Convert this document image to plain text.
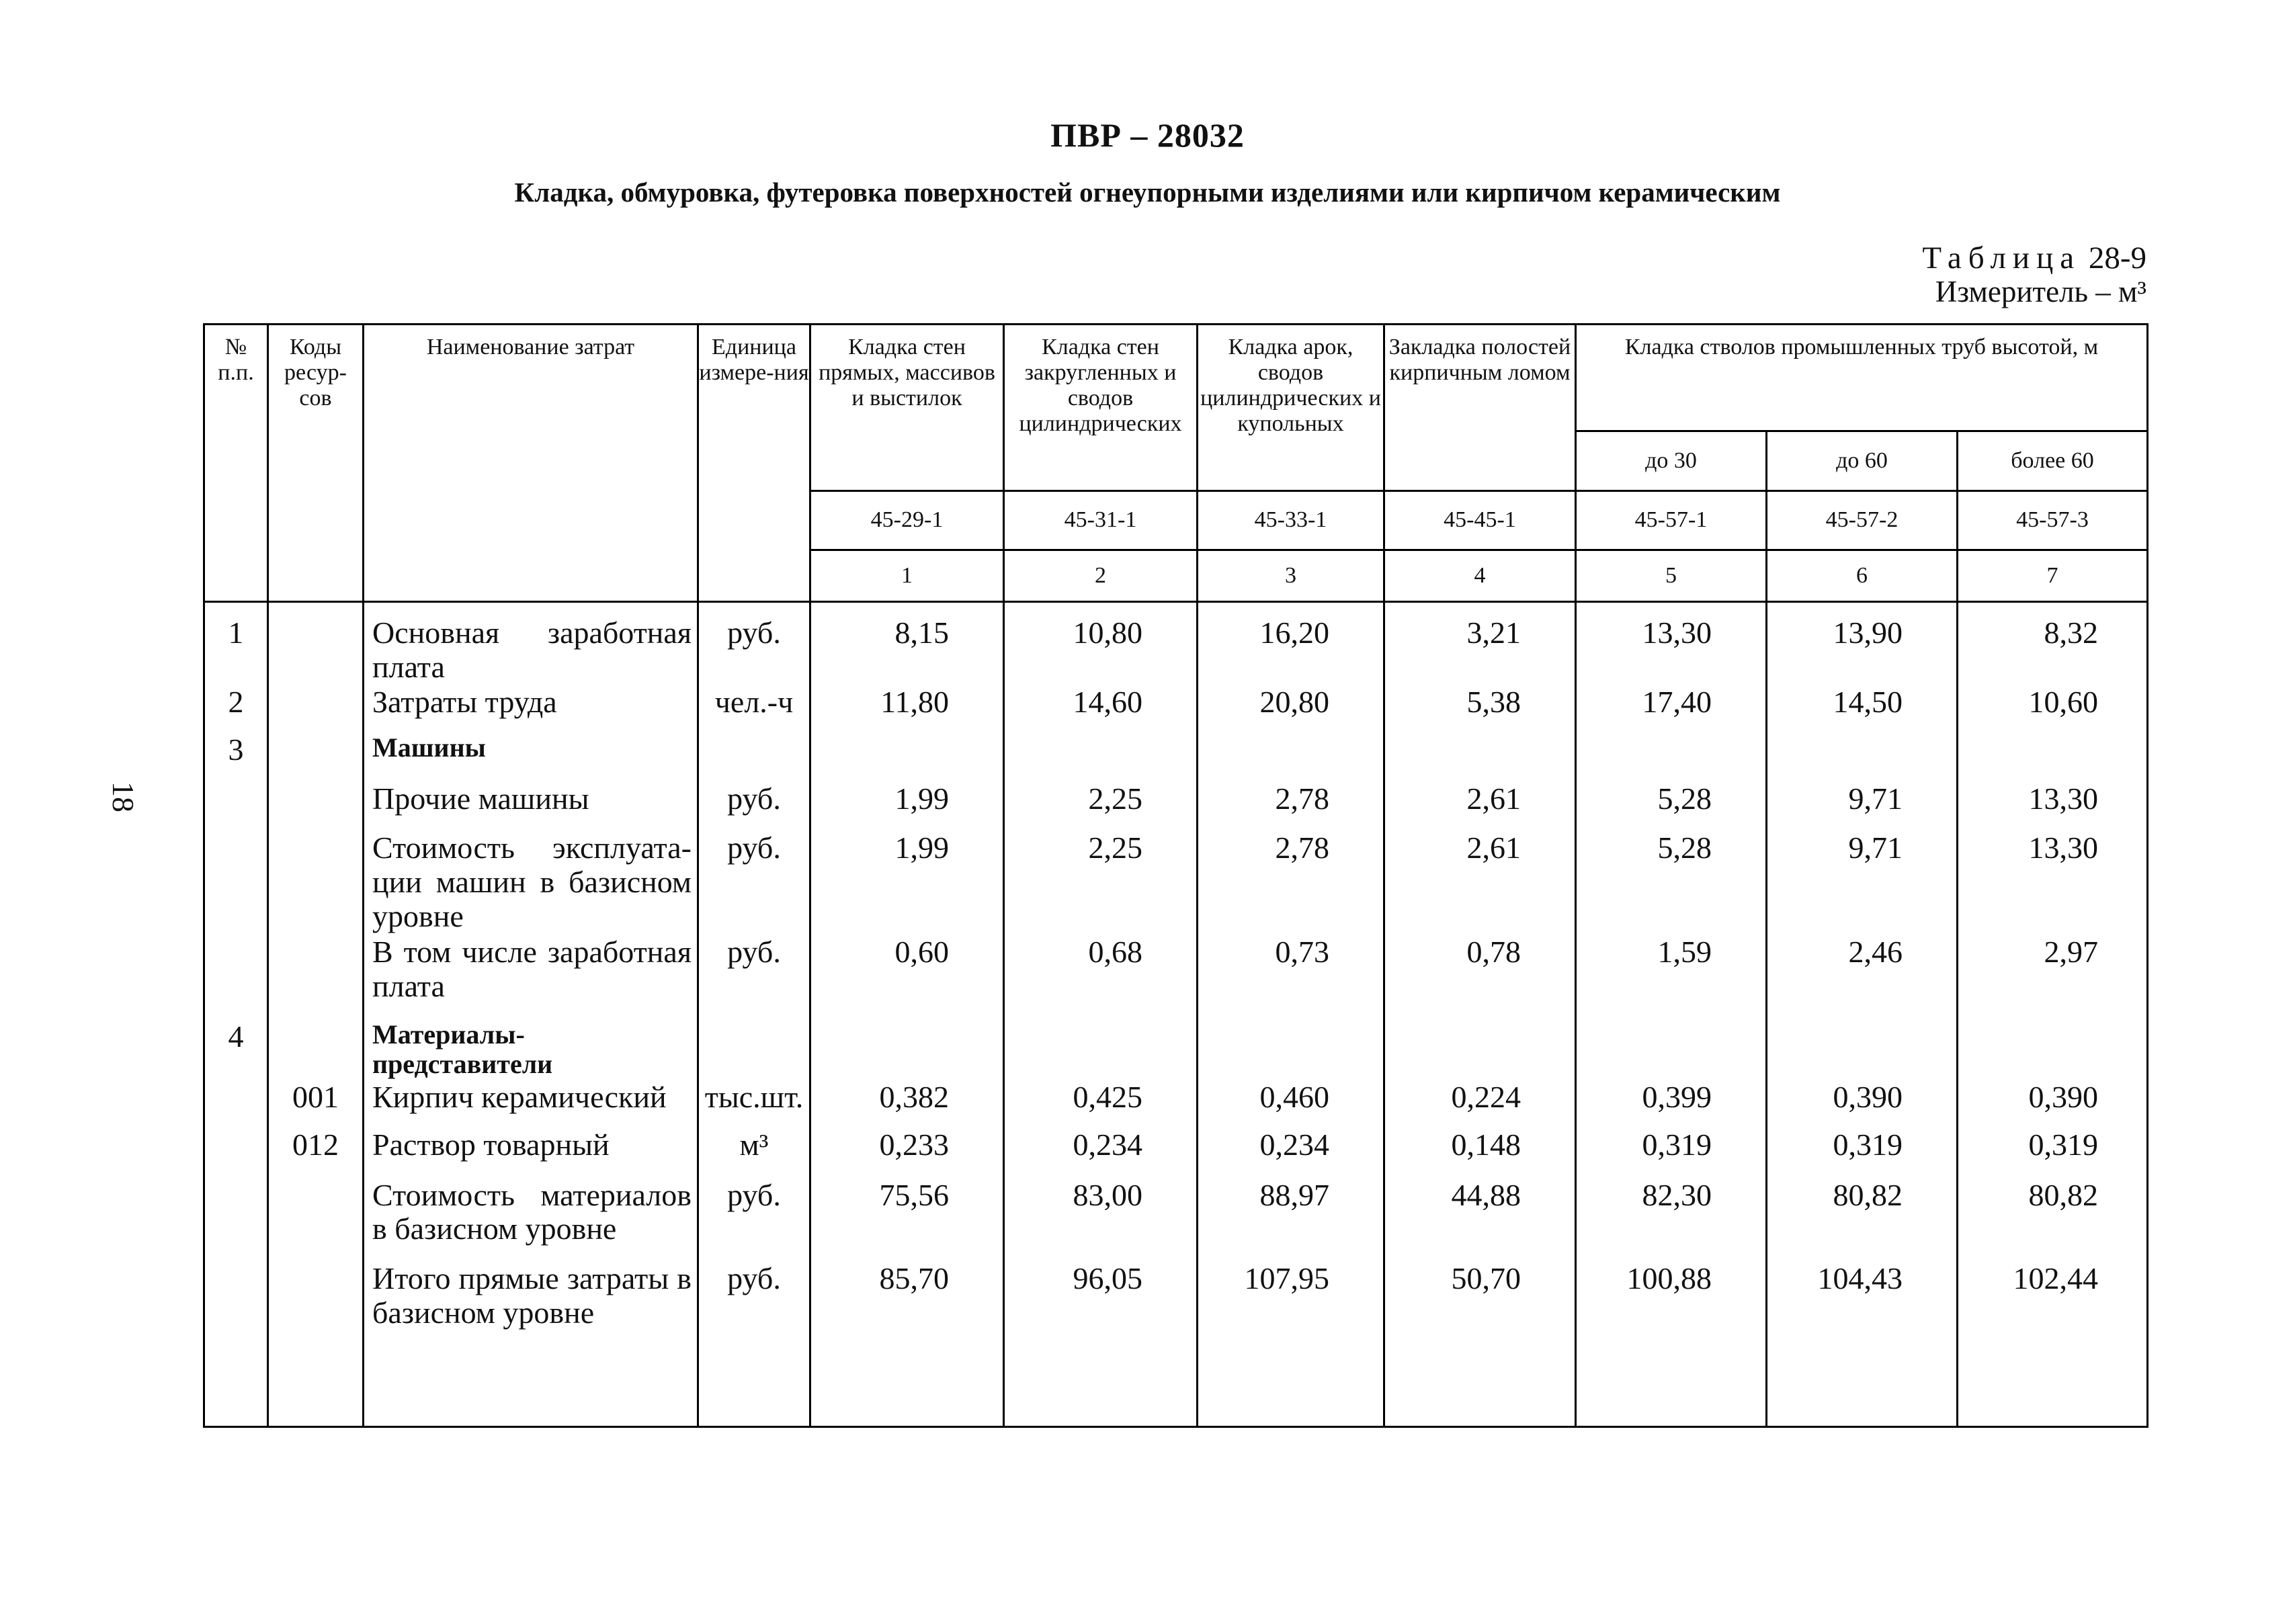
ПВР – 28032
Кладка, обмуровка, футеровка поверхностей огнеупорными изделиями или кирпичом керамическим
Таблица 28-9
Измеритель – м³
18
№ п.п.	Коды ресур-сов	Наименование затрат	Единица измере-ния	Кладка стен прямых, массивов и выстилок	Кладка стен закругленных и сводов цилиндрических	Кладка арок, сводов цилиндрических и купольных	Закладка полостей кирпичным ломом	Кладка стволов промышленных труб высотой, м		
								до 30	до 60	более 60
				45-29-1	45-31-1	45-33-1	45-45-1	45-57-1	45-57-2	45-57-3
				1	2	3	4	5	6	7
1		Основная заработная плата	руб.	8,15	10,80	16,20	3,21	13,30	13,90	8,32
2		Затраты труда	чел.-ч	11,80	14,60	20,80	5,38	17,40	14,50	10,60
3		Машины								
		Прочие машины	руб.	1,99	2,25	2,78	2,61	5,28	9,71	13,30
		Стоимость эксплуата-ции машин в базисном уровне	руб.	1,99	2,25	2,78	2,61	5,28	9,71	13,30
		В том числе заработная плата	руб.	0,60	0,68	0,73	0,78	1,59	2,46	2,97
4		Материалы-представители								
	001	Кирпич керамический	тыс.шт.	0,382	0,425	0,460	0,224	0,399	0,390	0,390
	012	Раствор товарный	м³	0,233	0,234	0,234	0,148	0,319	0,319	0,319
		Стоимость материалов в базисном уровне	руб.	75,56	83,00	88,97	44,88	82,30	80,82	80,82
		Итого прямые затраты в базисном уровне	руб.	85,70	96,05	107,95	50,70	100,88	104,43	102,44
